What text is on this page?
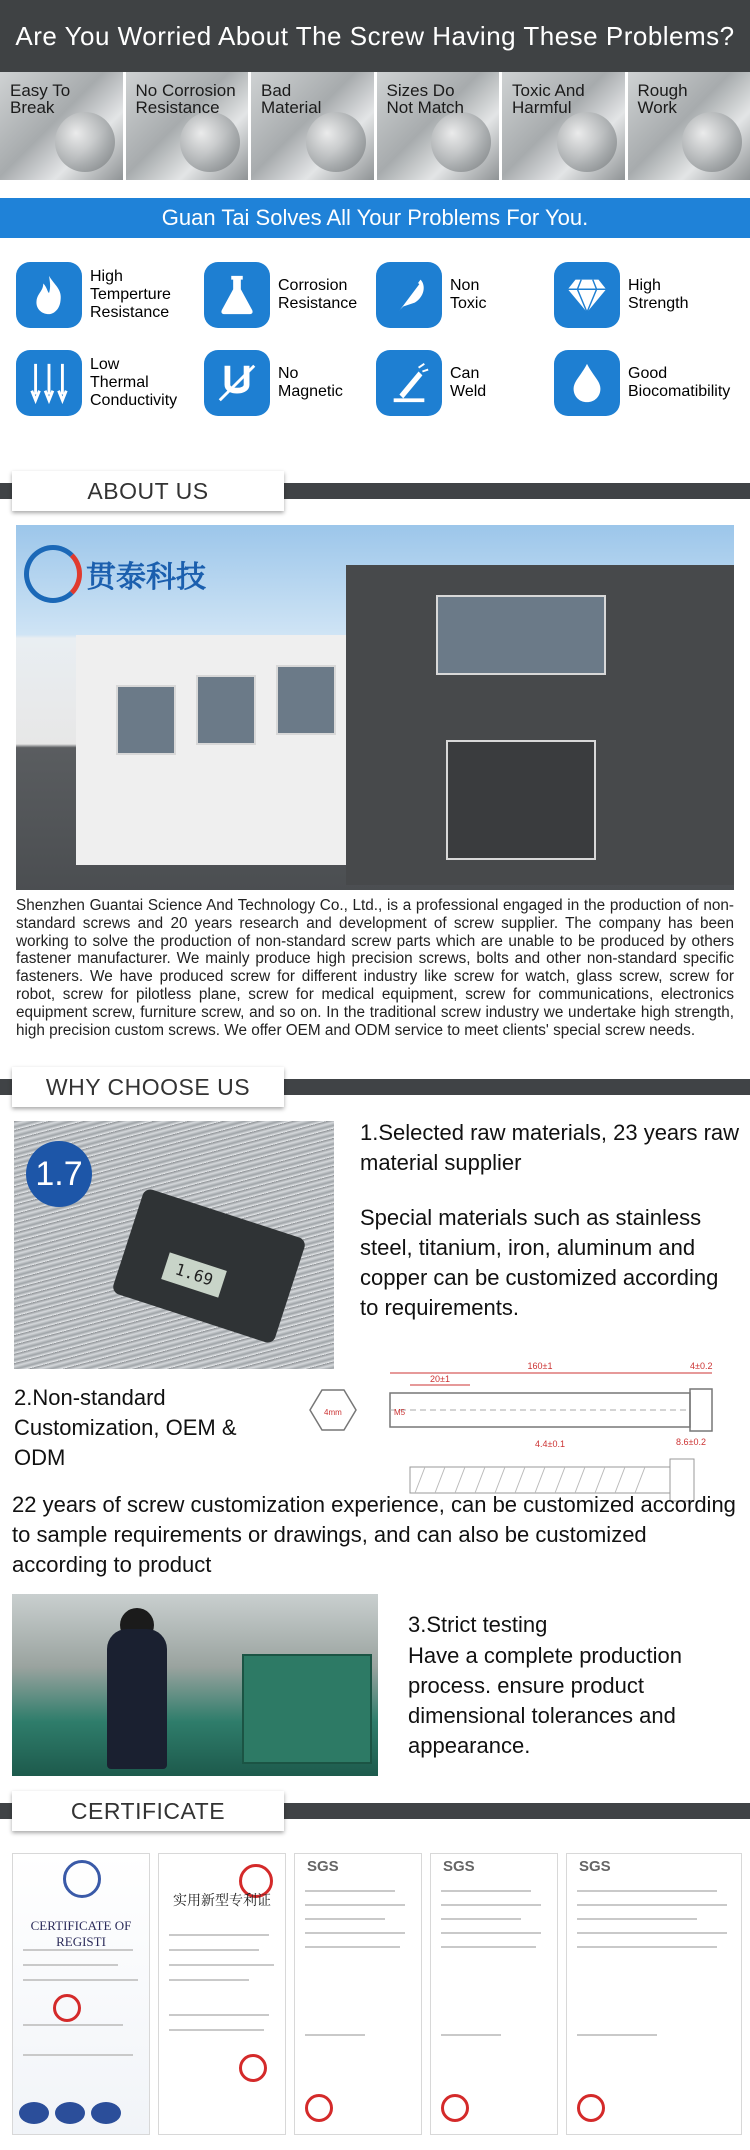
Are You Worried About The Screw Having These Problems?
Easy To
Break
No Corrosion
Resistance
Bad
Material
Sizes Do
Not Match
Toxic And
Harmful
Rough
Work
Guan Tai Solves All Your Problems For You.
High
Temperture
Resistance
Corrosion
Resistance
Non
Toxic
High
Strength
Low
Thermal
Conductivity
No
Magnetic
Can
Weld
Good
Biocomatibility
ABOUT US
贯泰科技
Shenzhen Guantai Science And Technology Co., Ltd., is a professional engaged in the production of non-standard screws and 20 years research and development of screw supplier. The company has been working to solve the production of non-standard screw parts which are unable to be produced by others fastener manufacturer. We mainly produce high precision screws, bolts and other non-standard specific fasteners. We have produced screw for different industry like screw for watch, glass screw, screw for robot, screw for pilotless plane, screw for medical equipment, screw for communications, electronics equipment screw, furniture screw, and so on. In the traditional screw industry we undertake high strength, high precision custom screws. We offer OEM and ODM service to meet clients' special screw needs.
WHY CHOOSE US
1.7
1.69
1.Selected raw materials, 23 years raw material supplier
Special materials such as stainless steel, titanium, iron, aluminum and copper can be customized according to requirements.
2.Non-standard Customization, OEM & ODM
160±1
20±1
4±0.2
M5
4mm
8.6±0.2
4.4±0.1
22 years of screw customization experience, can be customized according to sample requirements or drawings, and can also be customized according to product
3.Strict testing
Have a complete production process. ensure product dimensional tolerances and appearance.
CERTIFICATE
CERTIFICATE OF REGISTI
实用新型专利证
SGS	SGS	SGS
